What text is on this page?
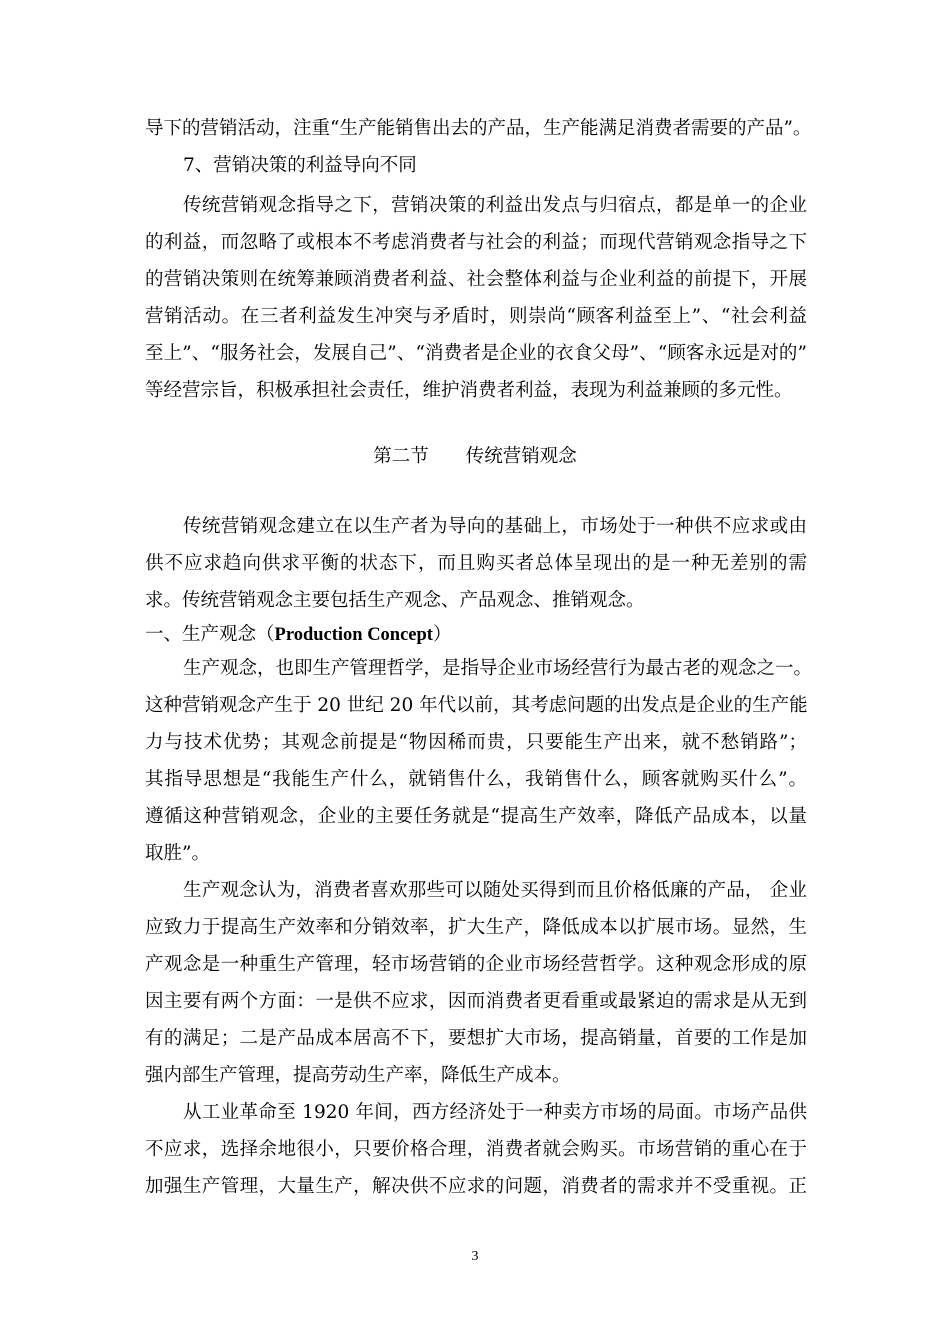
导下的营销活动，注重“生产能销售出去的产品，生产能满足消费者需要的产品”。
7、营销决策的利益导向不同
传统营销观念指导之下，营销决策的利益出发点与归宿点，都是单一的企业
的利益，而忽略了或根本不考虑消费者与社会的利益；而现代营销观念指导之下
的营销决策则在统筹兼顾消费者利益、社会整体利益与企业利益的前提下，开展
营销活动。在三者利益发生冲突与矛盾时，则崇尚“顾客利益至上”、“社会利益
至上”、“服务社会，发展自己”、“消费者是企业的衣食父母”、“顾客永远是对的”
等经营宗旨，积极承担社会责任，维护消费者利益，表现为利益兼顾的多元性。
第二节　　传统营销观念
传统营销观念建立在以生产者为导向的基础上，市场处于一种供不应求或由
供不应求趋向供求平衡的状态下，而且购买者总体呈现出的是一种无差别的需
求。传统营销观念主要包括生产观念、产品观念、推销观念。
一、生产观念（Production Concept）
生产观念，也即生产管理哲学，是指导企业市场经营行为最古老的观念之一。
这种营销观念产生于 20 世纪 20 年代以前，其考虑问题的出发点是企业的生产能
力与技术优势；其观念前提是“物因稀而贵，只要能生产出来，就不愁销路”；
其指导思想是“我能生产什么，就销售什么，我销售什么，顾客就购买什么”。
遵循这种营销观念，企业的主要任务就是“提高生产效率，降低产品成本，以量
取胜”。
生产观念认为，消费者喜欢那些可以随处买得到而且价格低廉的产品， 企业
应致力于提高生产效率和分销效率，扩大生产，降低成本以扩展市场。显然，生
产观念是一种重生产管理，轻市场营销的企业市场经营哲学。这种观念形成的原
因主要有两个方面：一是供不应求，因而消费者更看重或最紧迫的需求是从无到
有的满足；二是产品成本居高不下，要想扩大市场，提高销量，首要的工作是加
强内部生产管理，提高劳动生产率，降低生产成本。
从工业革命至 1920 年间，西方经济处于一种卖方市场的局面。市场产品供
不应求，选择余地很小，只要价格合理，消费者就会购买。市场营销的重心在于
加强生产管理，大量生产，解决供不应求的问题，消费者的需求并不受重视。正
3
